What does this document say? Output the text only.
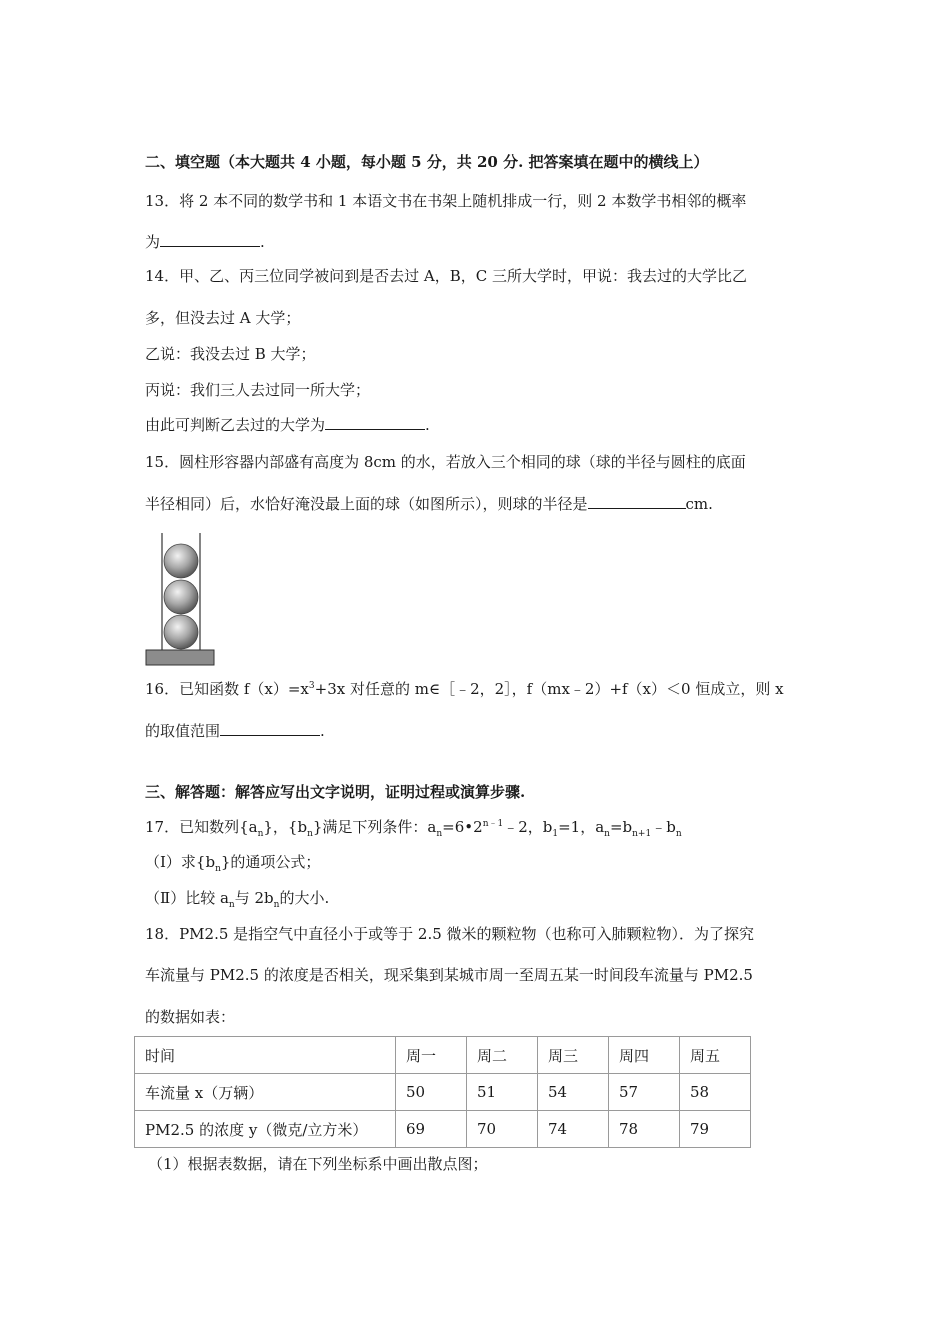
二、填空题（本大题共 4 小题，每小题 5 分，共 20 分. 把答案填在题中的横线上）
13．将 2 本不同的数学书和 1 本语文书在书架上随机排成一行，则 2 本数学书相邻的概率
为	.
14．甲、乙、丙三位同学被问到是否去过 A，B，C 三所大学时，甲说：我去过的大学比乙
多，但没去过 A 大学；
乙说：我没去过 B 大学；
丙说：我们三人去过同一所大学；
由此可判断乙去过的大学为	.
15．圆柱形容器内部盛有高度为 8cm 的水，若放入三个相同的球（球的半径与圆柱的底面
半径相同）后，水恰好淹没最上面的球（如图所示），则球的半径是	cm.
16．已知函数 $f(x)=x^3+3x$ 对任意的 m∈［﹣2，2］，f（mx﹣2）+f（x）＜0 恒成立，则 x
的取值范围	.
三、解答题：解答应写出文字说明，证明过程或演算步骤.
17．已知数列$\{a_n\}$，$\{b_n\}$满足下列条件：$a_n=6•2^{n﹣1}﹣2$，$b_1=1$，$a_n=b_{n+1}﹣b_n$
（Ⅰ）求$\{b_n\}$的通项公式；
（Ⅱ）比较 $a_n$与 $2b_n$的大小.
18．PM2.5 是指空气中直径小于或等于 2.5 微米的颗粒物（也称可入肺颗粒物）．为了探究
车流量与 PM2.5 的浓度是否相关，现采集到某城市周一至周五某一时间段车流量与 PM2.5
的数据如表：
时间	周一	周二	周三	周四	周五
车流量 x（万辆）	50	51	54	57	58
PM2.5 的浓度 y（微克/立方米）	69	70	74	78	79
（1）根据表数据，请在下列坐标系中画出散点图；
